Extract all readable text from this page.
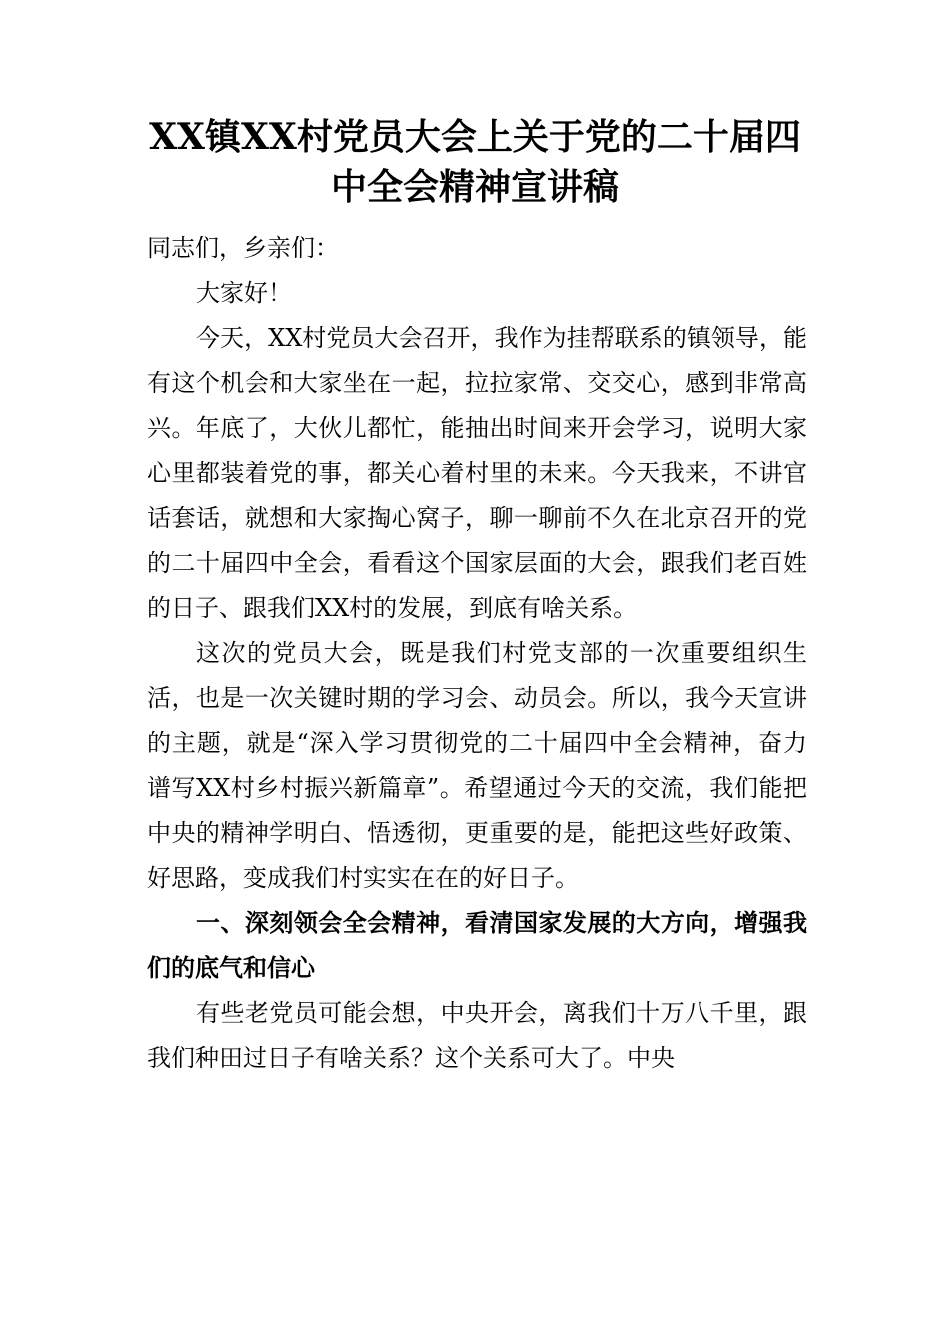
XX镇XX村党员大会上关于党的二十届四
中全会精神宣讲稿

同志们，乡亲们：

大家好！

今天，XX村党员大会召开，我作为挂帮联系的镇领导，能有这个机会和大家坐在一起，拉拉家常、交交心，感到非常高兴。年底了，大伙儿都忙，能抽出时间来开会学习，说明大家心里都装着党的事，都关心着村里的未来。今天我来，不讲官话套话，就想和大家掏心窝子，聊一聊前不久在北京召开的党的二十届四中全会，看看这个国家层面的大会，跟我们老百姓的日子、跟我们XX村的发展，到底有啥关系。

这次的党员大会，既是我们村党支部的一次重要组织生活，也是一次关键时期的学习会、动员会。所以，我今天宣讲的主题，就是“深入学习贯彻党的二十届四中全会精神，奋力谱写XX村乡村振兴新篇章”。希望通过今天的交流，我们能把中央的精神学明白、悟透彻，更重要的是，能把这些好政策、好思路，变成我们村实实在在的好日子。

一、深刻领会全会精神，看清国家发展的大方向，增强我们的底气和信心

有些老党员可能会想，中央开会，离我们十万八千里，跟我们种田过日子有啥关系？这个关系可大了。中央
